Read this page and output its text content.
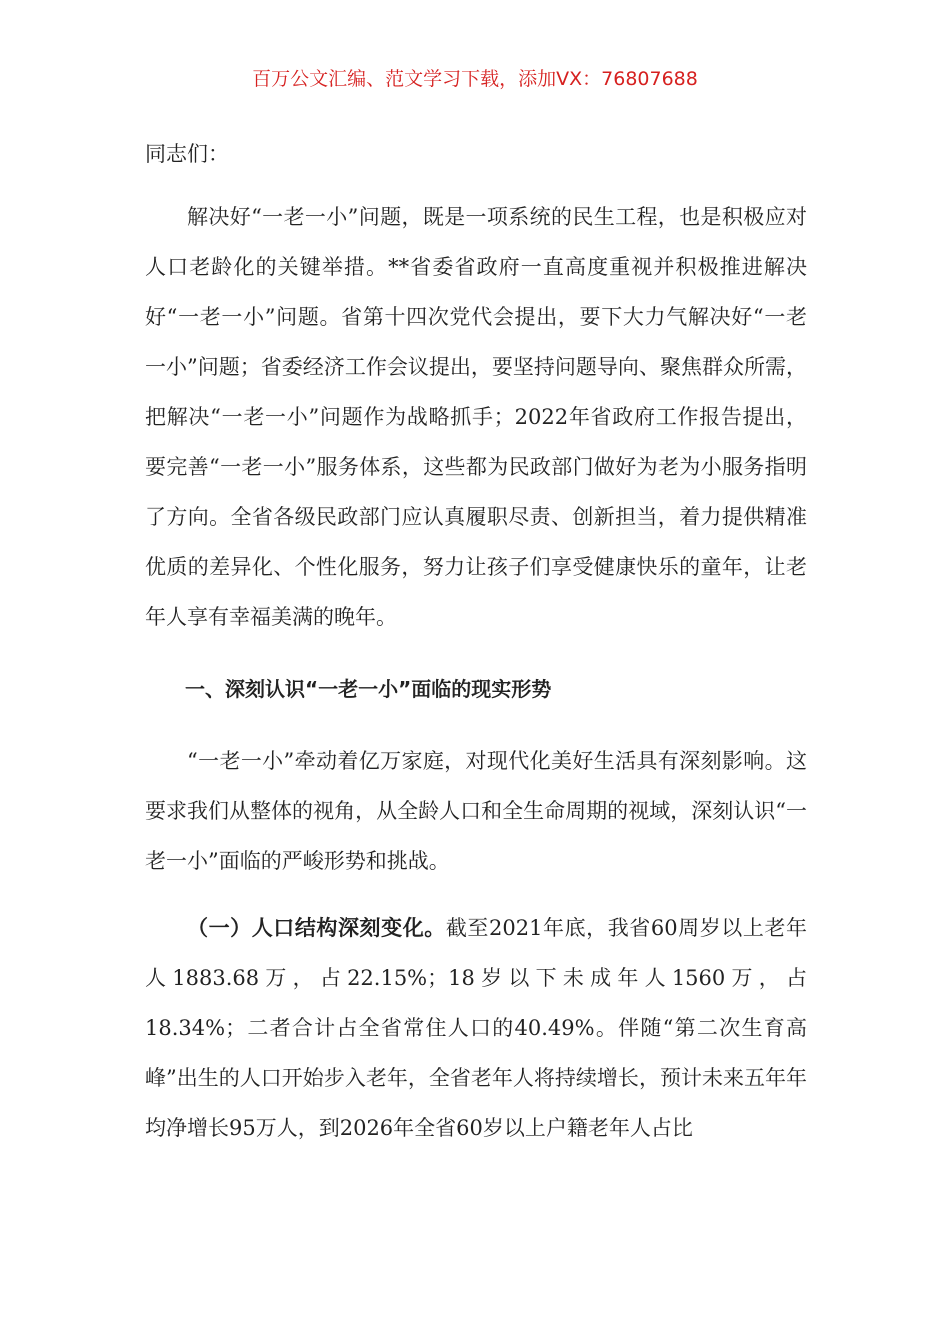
百万公文汇编、范文学习下载，添加VX：76807688

同志们：

解决好“一老一小”问题，既是一项系统的民生工程，也是积极应对人口老龄化的关键举措。**省委省政府一直高度重视并积极推进解决好“一老一小”问题。省第十四次党代会提出，要下大力气解决好“一老一小”问题；省委经济工作会议提出，要坚持问题导向、聚焦群众所需，把解决“一老一小”问题作为战略抓手；2022年省政府工作报告提出，要完善“一老一小”服务体系，这些都为民政部门做好为老为小服务指明了方向。全省各级民政部门应认真履职尽责、创新担当，着力提供精准优质的差异化、个性化服务，努力让孩子们享受健康快乐的童年，让老年人享有幸福美满的晚年。

一、深刻认识“一老一小”面临的现实形势

“一老一小”牵动着亿万家庭，对现代化美好生活具有深刻影响。这要求我们从整体的视角，从全龄人口和全生命周期的视域，深刻认识“一老一小”面临的严峻形势和挑战。

（一）人口结构深刻变化。截至2021年底，我省60周岁以上老年人1883.68万，占22.15%；18岁以下未成年人1560万，占18.34%；二者合计占全省常住人口的40.49%。伴随“第二次生育高峰”出生的人口开始步入老年，全省老年人将持续增长，预计未来五年年均净增长95万人，到2026年全省60岁以上户籍老年人占比
